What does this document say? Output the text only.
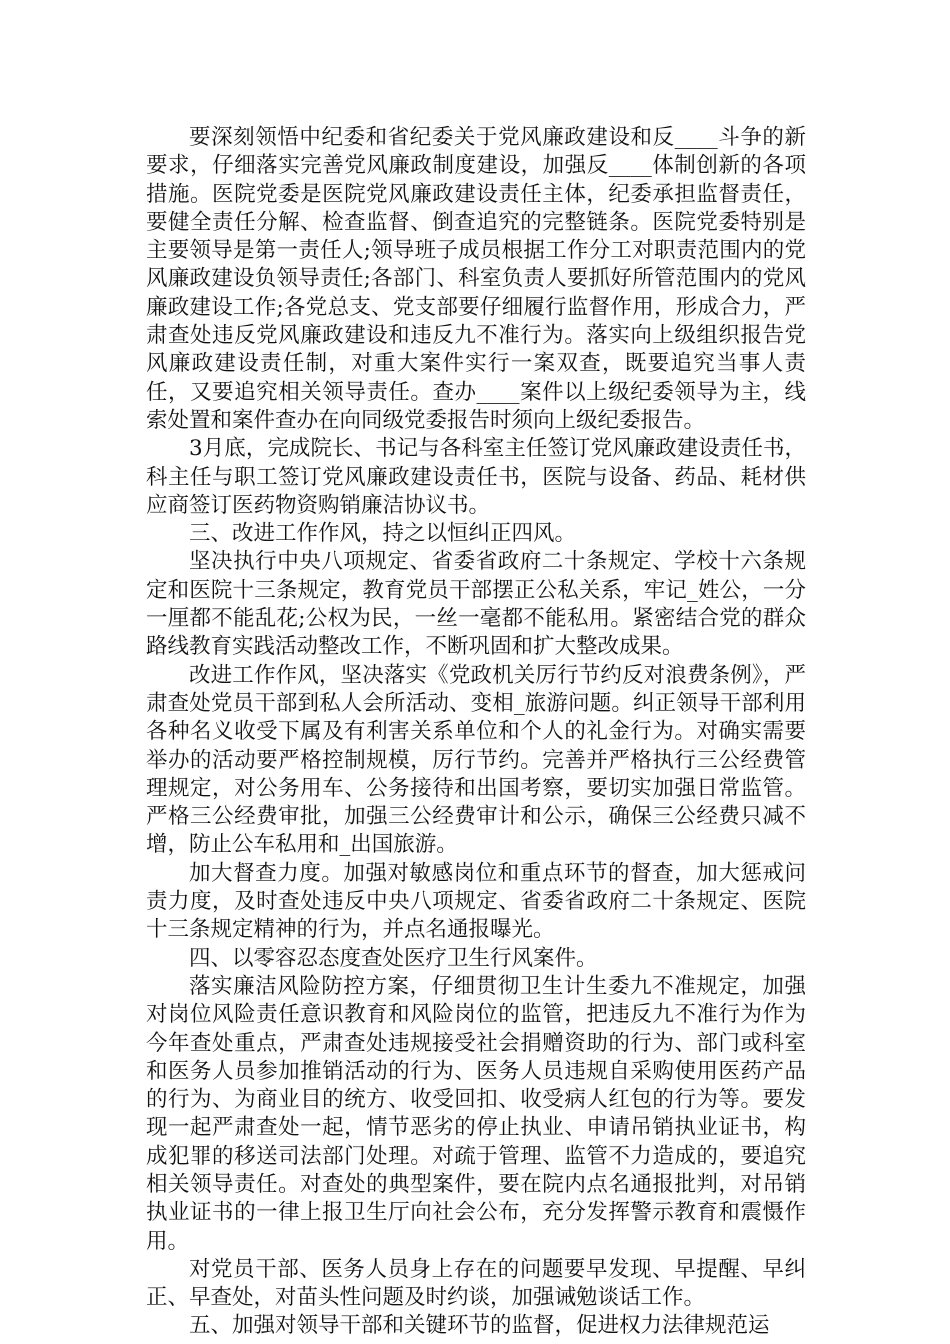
要深刻领悟中纪委和省纪委关于党风廉政建设和反____斗争的新要求，仔细落实完善党风廉政制度建设，加强反____体制创新的各项措施。医院党委是医院党风廉政建设责任主体，纪委承担监督责任，要健全责任分解、检查监督、倒查追究的完整链条。医院党委特别是主要领导是第一责任人;领导班子成员根据工作分工对职责范围内的党风廉政建设负领导责任;各部门、科室负责人要抓好所管范围内的党风廉政建设工作;各党总支、党支部要仔细履行监督作用，形成合力，严肃查处违反党风廉政建设和违反九不准行为。落实向上级组织报告党风廉政建设责任制，对重大案件实行一案双查，既要追究当事人责任，又要追究相关领导责任。查办____案件以上级纪委领导为主，线索处置和案件查办在向同级党委报告时须向上级纪委报告。

3月底，完成院长、书记与各科室主任签订党风廉政建设责任书，科主任与职工签订党风廉政建设责任书，医院与设备、药品、耗材供应商签订医药物资购销廉洁协议书。

三、改进工作作风，持之以恒纠正四风。

坚决执行中央八项规定、省委省政府二十条规定、学校十六条规定和医院十三条规定，教育党员干部摆正公私关系，牢记_姓公，一分一厘都不能乱花;公权为民，一丝一毫都不能私用。紧密结合党的群众路线教育实践活动整改工作，不断巩固和扩大整改成果。

改进工作作风，坚决落实《党政机关厉行节约反对浪费条例》，严肃查处党员干部到私人会所活动、变相_旅游问题。纠正领导干部利用各种名义收受下属及有利害关系单位和个人的礼金行为。对确实需要举办的活动要严格控制规模，厉行节约。完善并严格执行三公经费管理规定，对公务用车、公务接待和出国考察，要切实加强日常监管。严格三公经费审批，加强三公经费审计和公示，确保三公经费只减不增，防止公车私用和_出国旅游。

加大督查力度。加强对敏感岗位和重点环节的督查，加大惩戒问责力度，及时查处违反中央八项规定、省委省政府二十条规定、医院十三条规定精神的行为，并点名通报曝光。

四、以零容忍态度查处医疗卫生行风案件。

落实廉洁风险防控方案，仔细贯彻卫生计生委九不准规定，加强对岗位风险责任意识教育和风险岗位的监管，把违反九不准行为作为今年查处重点，严肃查处违规接受社会捐赠资助的行为、部门或科室和医务人员参加推销活动的行为、医务人员违规自采购使用医药产品的行为、为商业目的统方、收受回扣、收受病人红包的行为等。要发现一起严肃查处一起，情节恶劣的停止执业、申请吊销执业证书，构成犯罪的移送司法部门处理。对疏于管理、监管不力造成的，要追究相关领导责任。对查处的典型案件，要在院内点名通报批判，对吊销执业证书的一律上报卫生厅向社会公布，充分发挥警示教育和震慑作用。

对党员干部、医务人员身上存在的问题要早发现、早提醒、早纠正、早查处，对苗头性问题及时约谈，加强诫勉谈话工作。

五、加强对领导干部和关键环节的监督，促进权力法律规范运
